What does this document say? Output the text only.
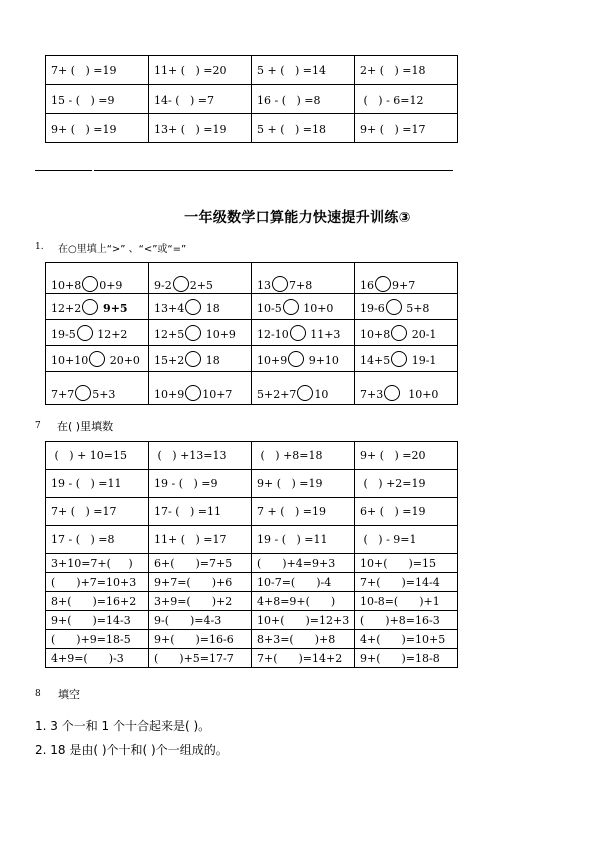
7+ (   ) =19	11+ (   ) =20	5 + (   ) =14	2+ (   ) =18
15 - (   ) =9	14- (   ) =7	16 - (   ) =8	(   ) - 6=12
9+ (   ) =19	13+ (   ) =19	5 + (   ) =18	9+ (   ) =17
一年级数学口算能力快速提升训练③
1. 在○里填上“>” 、“<”或“=”
10+8 0+9	9-2 2+5	13 7+8	16 9+7
12+2 9+5	13+4 18	10-5 10+0	19-6 5+8
19-5 12+2	12+5 10+9	12-10 11+3	10+8 20-1
10+10 20+0	15+2 18	10+9 9+10	14+5 19-1
7+7 5+3	10+9 10+7	5+2+7 10	7+3  10+0
7 在( )里填数
(   ) + 10=15	(   ) +13=13	(   ) +8=18	9+ (   ) =20
19 - (   ) =11	19 - (   ) =9	9+ (   ) =19	(   ) +2=19
7+ (   ) =17	17- (   ) =11	7 + (   ) =19	6+ (   ) =19
17 - (   ) =8	11+ (   ) =17	19 - (   ) =11	(   ) - 9=1
3+10=7+(     )	6+(      )=7+5	(      )+4=9+3	10+(      )=15
(      )+7=10+3	9+7=(      )+6	10-7=(      )-4	7+(      )=14-4
8+(      )=16+2	3+9=(      )+2	4+8=9+(      )	10-8=(      )+1
9+(      )=14-3	9-(      )=4-3	10+(      )=12+3	(      )+8=16-3
(      )+9=18-5	9+(      )=16-6	8+3=(      )+8	4+(      )=10+5
4+9=(      )-3	(      )+5=17-7	7+(      )=14+2	9+(      )=18-8
8 填空
1. 3 个一和 1 个十合起来是( )。
2. 18 是由( )个十和( )个一组成的。
